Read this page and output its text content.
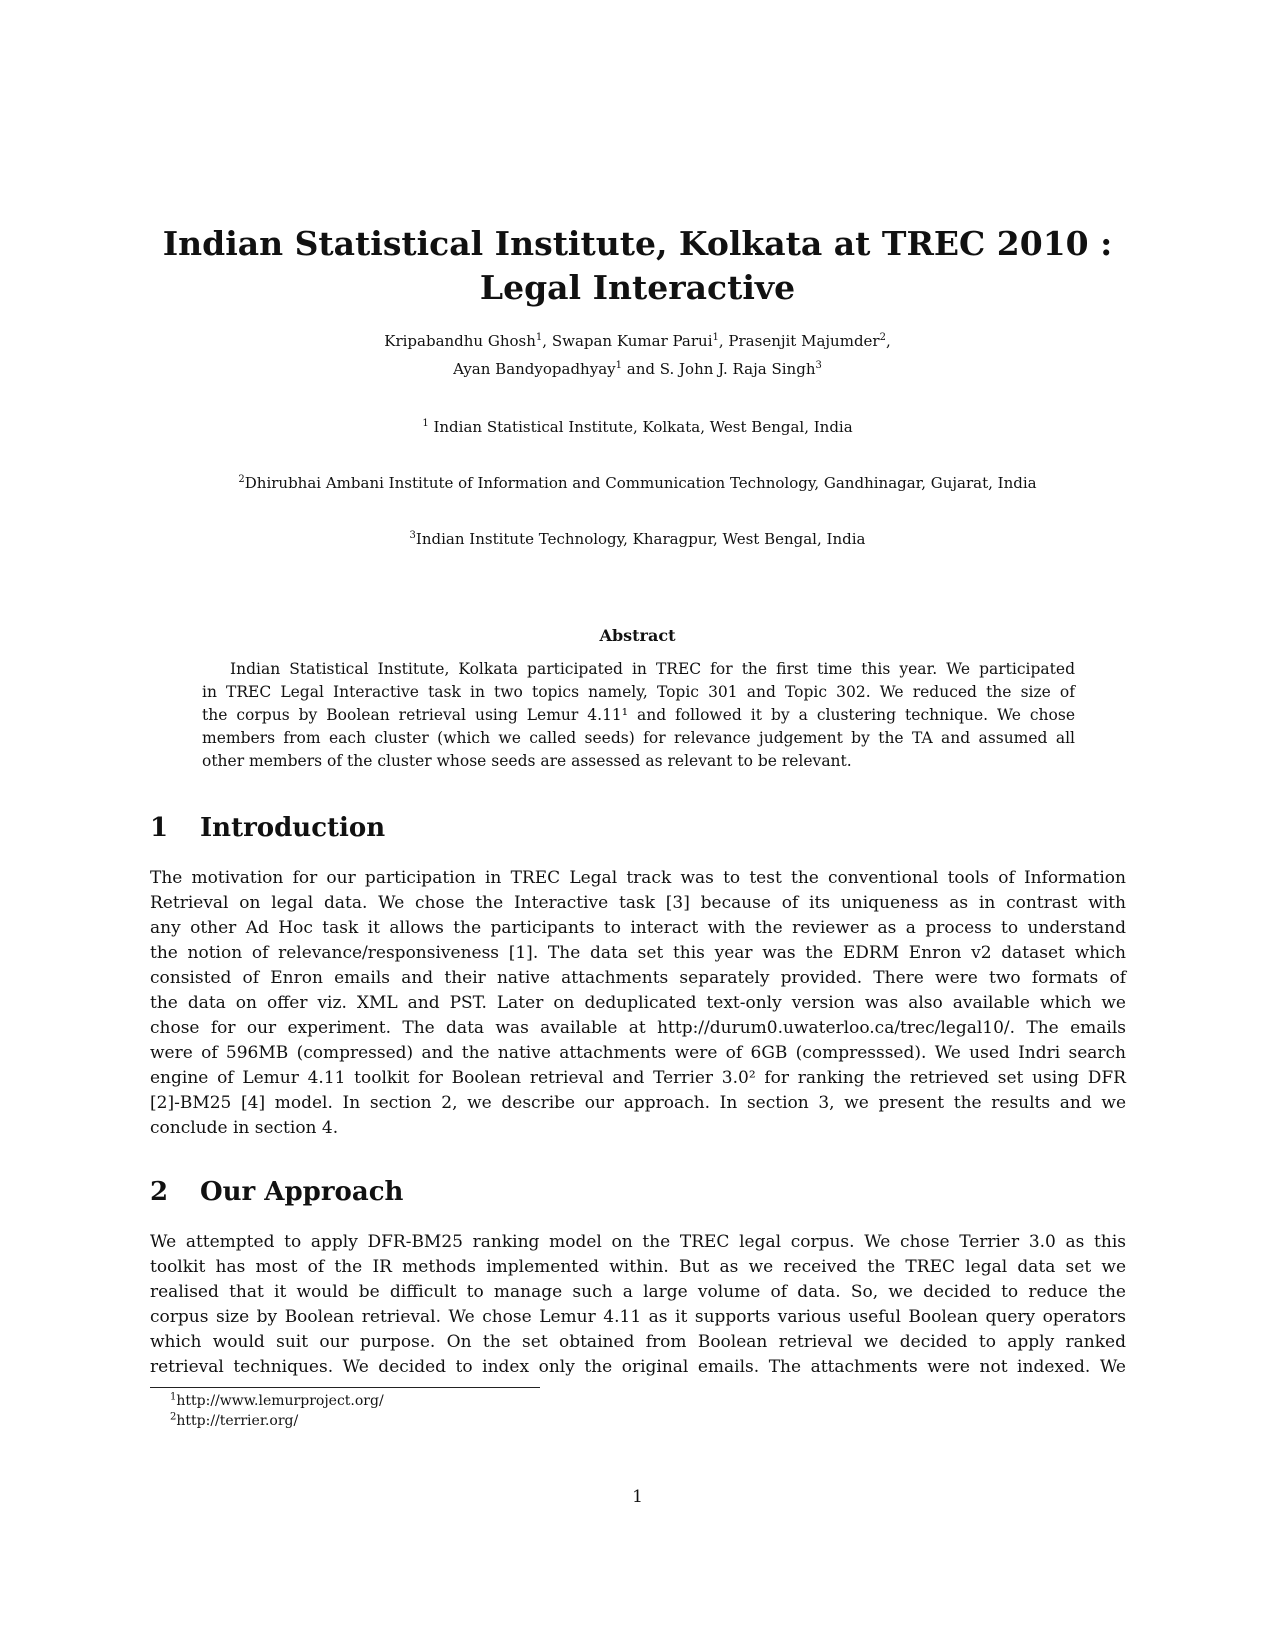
Indian Statistical Institute, Kolkata at TREC 2010 :
Legal Interactive
Kripabandhu Ghosh$^1$, Swapan Kumar Parui$^1$, Prasenjit Majumder$^2$,
Ayan Bandyopadhyay$^1$ and S. John J. Raja Singh$^3$
$^1$ Indian Statistical Institute, Kolkata, West Bengal, India
$^2$Dhirubhai Ambani Institute of Information and Communication Technology, Gandhinagar, Gujarat, India
$^3$Indian Institute Technology, Kharagpur, West Bengal, India
Abstract
Indian Statistical Institute, Kolkata participated in TREC for the first time this year. We participated
in TREC Legal Interactive task in two topics namely, Topic 301 and Topic 302. We reduced the size of
the corpus by Boolean retrieval using Lemur 4.11¹ and followed it by a clustering technique. We chose
members from each cluster (which we called seeds) for relevance judgement by the TA and assumed all
other members of the cluster whose seeds are assessed as relevant to be relevant.
1 Introduction
The motivation for our participation in TREC Legal track was to test the conventional tools of Information
Retrieval on legal data. We chose the Interactive task [3] because of its uniqueness as in contrast with
any other Ad Hoc task it allows the participants to interact with the reviewer as a process to understand
the notion of relevance/responsiveness [1]. The data set this year was the EDRM Enron v2 dataset which
consisted of Enron emails and their native attachments separately provided. There were two formats of
the data on offer viz. XML and PST. Later on deduplicated text-only version was also available which we
chose for our experiment. The data was available at http://durum0.uwaterloo.ca/trec/legal10/. The emails
were of 596MB (compressed) and the native attachments were of 6GB (compresssed). We used Indri search
engine of Lemur 4.11 toolkit for Boolean retrieval and Terrier 3.0² for ranking the retrieved set using DFR
[2]-BM25 [4] model. In section 2, we describe our approach. In section 3, we present the results and we
conclude in section 4.
2 Our Approach
We attempted to apply DFR-BM25 ranking model on the TREC legal corpus. We chose Terrier 3.0 as this
toolkit has most of the IR methods implemented within. But as we received the TREC legal data set we
realised that it would be difficult to manage such a large volume of data. So, we decided to reduce the
corpus size by Boolean retrieval. We chose Lemur 4.11 as it supports various useful Boolean query operators
which would suit our purpose. On the set obtained from Boolean retrieval we decided to apply ranked
retrieval techniques. We decided to index only the original emails. The attachments were not indexed. We
$^1$http://www.lemurproject.org/
$^2$http://terrier.org/
1
